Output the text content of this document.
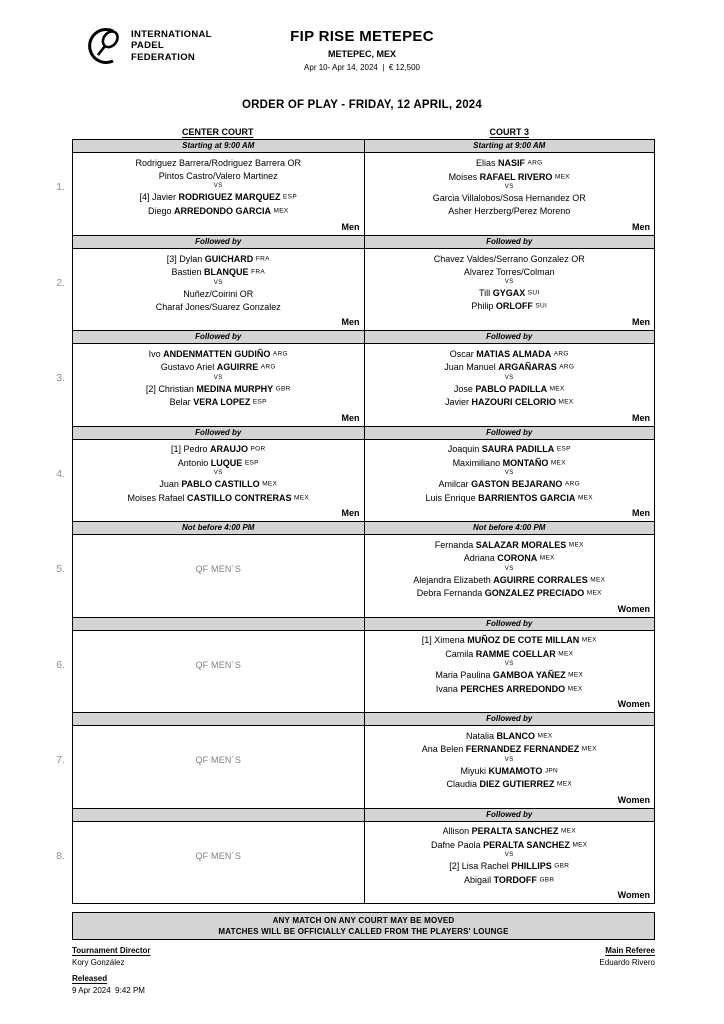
INTERNATIONAL
PADEL
FEDERATION
FIP RISE METEPEC
METEPEC, MEX
Apr 10- Apr 14, 2024  |  € 12,500
ORDER OF PLAY - FRIDAY, 12 APRIL, 2024
CENTER COURT	COURT 3
1.
Starting at 9:00 AM
Rodriguez Barrera/Rodriguez Barrera OR
Pintos Castro/Valero Martinez
VS
[4] Javier RODRIGUEZ MARQUEZ ESP
Diego ARREDONDO GARCIA MEX
Men
Starting at 9:00 AM
Elias NASIF ARG
Moises RAFAEL RIVERO MEX
VS
Garcia Villalobos/Sosa Hernandez OR
Asher Herzberg/Perez Moreno
Men
2.
Followed by
[3] Dylan GUICHARD FRA
Bastien BLANQUE FRA
VS
Nuñez/Coirini OR
Charaf Jones/Suarez Gonzalez
Men
Followed by
Chavez Valdes/Serrano Gonzalez OR
Alvarez Torres/Colman
VS
Till GYGAX SUI
Philip ORLOFF SUI
Men
3.
Followed by
Ivo ANDENMATTEN GUDIÑO ARG
Gustavo Ariel AGUIRRE ARG
VS
[2] Christian MEDINA MURPHY GBR
Belar VERA LOPEZ ESP
Men
Followed by
Oscar MATIAS ALMADA ARG
Juan Manuel ARGAÑARAS ARG
VS
Jose PABLO PADILLA MEX
Javier HAZOURI CELORIO MEX
Men
4.
Followed by
[1] Pedro ARAUJO POR
Antonio LUQUE ESP
VS
Juan PABLO CASTILLO MEX
Moises Rafael CASTILLO CONTRERAS MEX
Men
Followed by
Joaquin SAURA PADILLA ESP
Maximiliano MONTAÑO MEX
VS
Amilcar GASTON BEJARANO ARG
Luis Enrique BARRIENTOS GARCIA MEX
Men
5.
Not before 4:00 PM
QF MEN´S
Not before 4:00 PM
Fernanda SALAZAR MORALES MEX
Adriana CORONA MEX
VS
Alejandra Elizabeth AGUIRRE CORRALES MEX
Debra Fernanda GONZALEZ PRECIADO MEX
Women
6.	QF MEN´S
Followed by
[1] Ximena MUÑOZ DE COTE MILLAN MEX
Camila RAMME COELLAR MEX
VS
Maria Paulina GAMBOA YAÑEZ MEX
Ivana PERCHES ARREDONDO MEX
Women
7.	QF MEN´S
Followed by
Natalia BLANCO MEX
Ana Belen FERNANDEZ FERNANDEZ MEX
VS
Miyuki KUMAMOTO JPN
Claudia DIEZ GUTIERREZ MEX
Women
8.	QF MEN´S
Followed by
Allison PERALTA SANCHEZ MEX
Dafne Paola PERALTA SANCHEZ MEX
VS
[2] Lisa Rachel PHILLIPS GBR
Abigail TORDOFF GBR
Women
ANY MATCH ON ANY COURT MAY BE MOVED
MATCHES WILL BE OFFICIALLY CALLED FROM THE PLAYERS' LOUNGE
Tournament Director
Kory González
Released
9 Apr 2024  9:42 PM
Main Referee
Eduardo Rivero
